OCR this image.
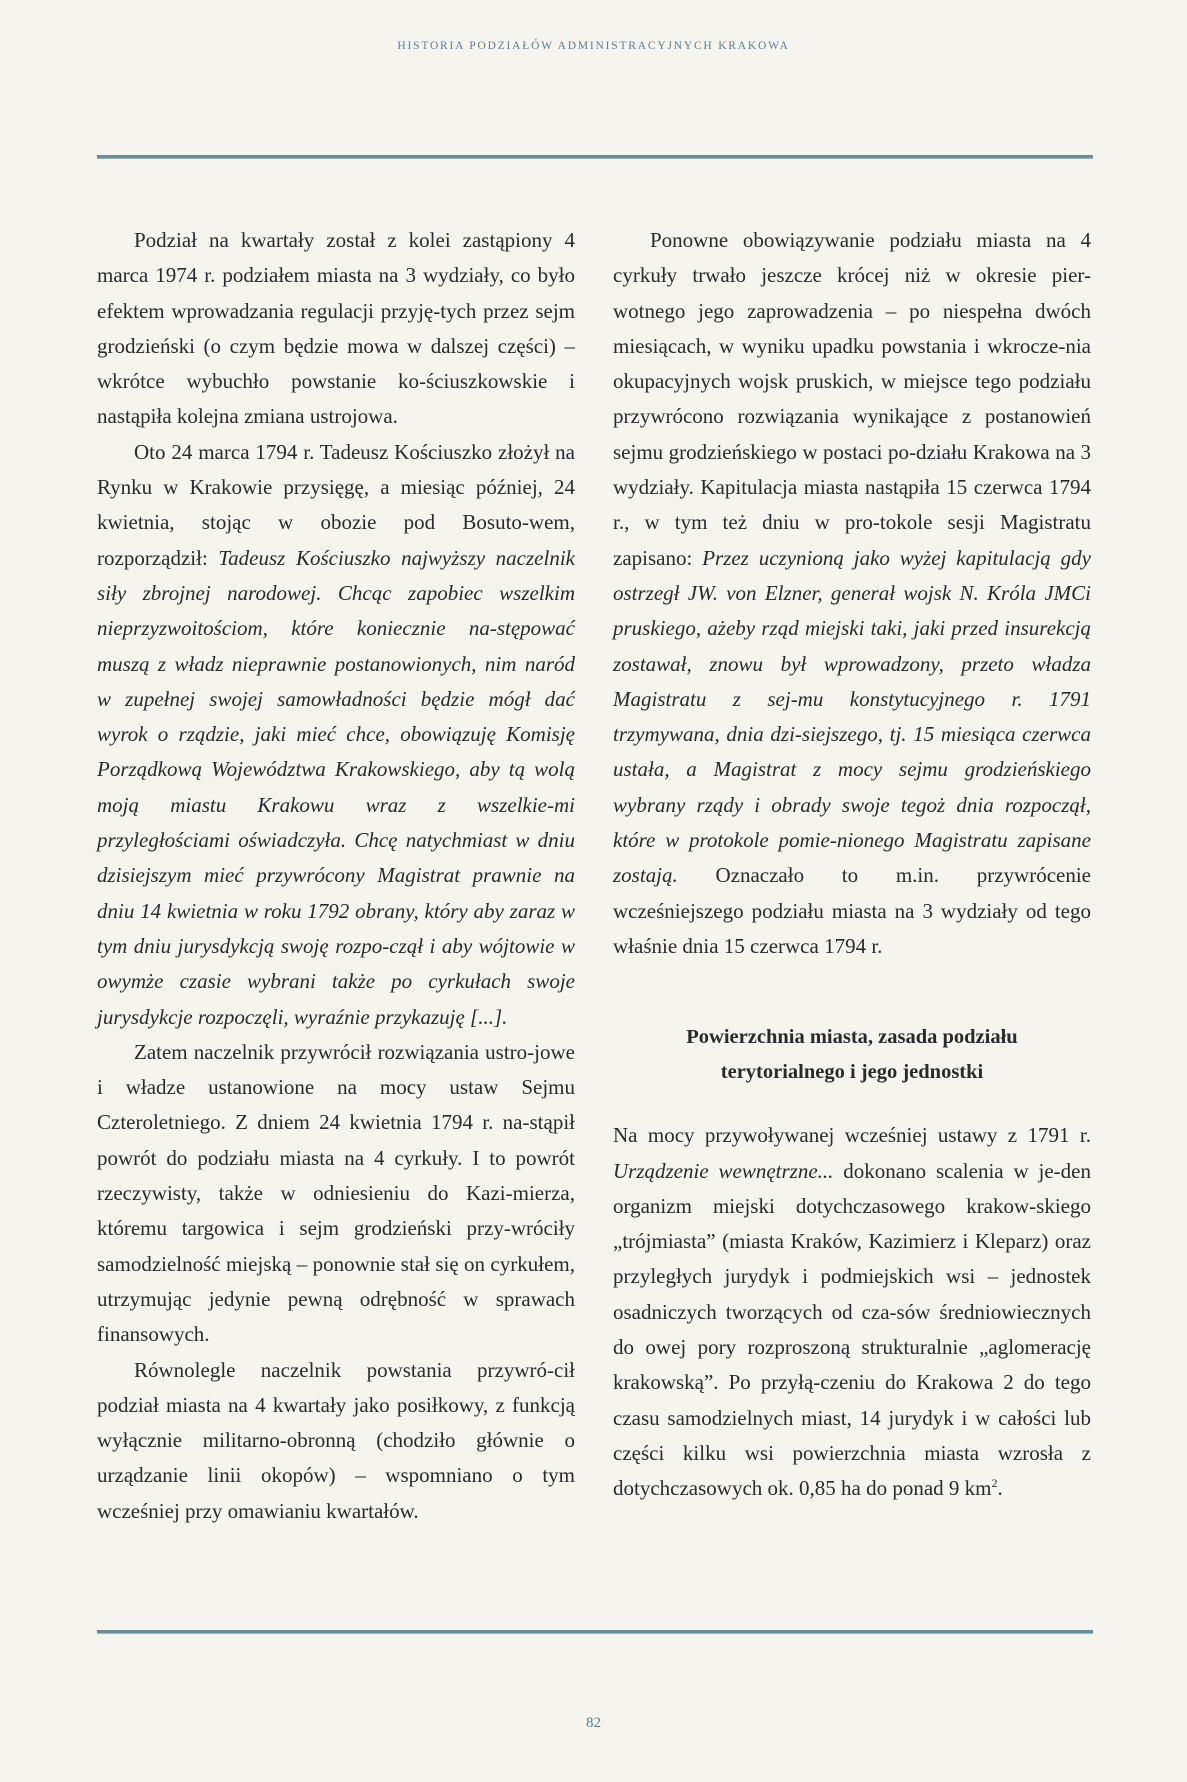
HISTORIA PODZIAŁÓW ADMINISTRACYJNYCH KRAKOWA

Podział na kwartały został z kolei zastąpiony 4 marca 1974 r. podziałem miasta na 3 wydziały, co było efektem wprowadzania regulacji przyję-tych przez sejm grodzieński (o czym będzie mowa w dalszej części) – wkrótce wybuchło powstanie ko-ściuszkowskie i nastąpiła kolejna zmiana ustrojowa.

Oto 24 marca 1794 r. Tadeusz Kościuszko złożył na Rynku w Krakowie przysięgę, a miesiąc później, 24 kwietnia, stojąc w obozie pod Bosuto-wem, rozporządził: Tadeusz Kościuszko najwyższy naczelnik siły zbrojnej narodowej. Chcąc zapobiec wszelkim nieprzyzwoitościom, które koniecznie na-stępować muszą z władz nieprawnie postanowionych, nim naród w zupełnej swojej samowładności będzie mógł dać wyrok o rządzie, jaki mieć chce, obowiązuję Komisję Porządkową Województwa Krakowskiego, aby tą wolą moją miastu Krakowu wraz z wszelkie-mi przyległościami oświadczyła. Chcę natychmiast w dniu dzisiejszym mieć przywrócony Magistrat prawnie na dniu 14 kwietnia w roku 1792 obrany, który aby zaraz w tym dniu jurysdykcją swoję rozpo-czął i aby wójtowie w owymże czasie wybrani także po cyrkułach swoje jurysdykcje rozpoczęli, wyraźnie przykazuję [...].

Zatem naczelnik przywrócił rozwiązania ustro-jowe i władze ustanowione na mocy ustaw Sejmu Czteroletniego. Z dniem 24 kwietnia 1794 r. na-stąpił powrót do podziału miasta na 4 cyrkuły. I to powrót rzeczywisty, także w odniesieniu do Kazi-mierza, któremu targowica i sejm grodzieński przy-wróciły samodzielność miejską – ponownie stał się on cyrkułem, utrzymując jedynie pewną odrębność w sprawach finansowych.

Równolegle naczelnik powstania przywró-cił podział miasta na 4 kwartały jako posiłkowy, z funkcją wyłącznie militarno-obronną (chodziło głównie o urządzanie linii okopów) – wspomniano o tym wcześniej przy omawianiu kwartałów.

Ponowne obowiązywanie podziału miasta na 4 cyrkuły trwało jeszcze krócej niż w okresie pier-wotnego jego zaprowadzenia – po niespełna dwóch miesiącach, w wyniku upadku powstania i wkrocze-nia okupacyjnych wojsk pruskich, w miejsce tego podziału przywrócono rozwiązania wynikające z postanowień sejmu grodzieńskiego w postaci po-działu Krakowa na 3 wydziały. Kapitulacja miasta nastąpiła 15 czerwca 1794 r., w tym też dniu w pro-tokole sesji Magistratu zapisano: Przez uczynioną jako wyżej kapitulacją gdy ostrzegł JW. von Elzner, generał wojsk N. Króla JMCi pruskiego, ażeby rząd miejski taki, jaki przed insurekcją zostawał, znowu był wprowadzony, przeto władza Magistratu z sej-mu konstytucyjnego r. 1791 trzymywana, dnia dzi-siejszego, tj. 15 miesiąca czerwca ustała, a Magistrat z mocy sejmu grodzieńskiego wybrany rządy i obrady swoje tegoż dnia rozpoczął, które w protokole pomie-nionego Magistratu zapisane zostają. Oznaczało to m.in. przywrócenie wcześniejszego podziału miasta na 3 wydziały od tego właśnie dnia 15 czerwca 1794 r.

Powierzchnia miasta, zasada podziału
terytorialnego i jego jednostki

Na mocy przywoływanej wcześniej ustawy z 1791 r. Urządzenie wewnętrzne... dokonano scalenia w je-den organizm miejski dotychczasowego krakow-skiego „trójmiasta” (miasta Kraków, Kazimierz i Kleparz) oraz przyległych jurydyk i podmiejskich wsi – jednostek osadniczych tworzących od cza-sów średniowiecznych do owej pory rozproszoną strukturalnie „aglomerację krakowską”. Po przyłą-czeniu do Krakowa 2 do tego czasu samodzielnych miast, 14 jurydyk i w całości lub części kilku wsi powierzchnia miasta wzrosła z dotychczasowych ok. 0,85 ha do ponad 9 $km^2$.

82
